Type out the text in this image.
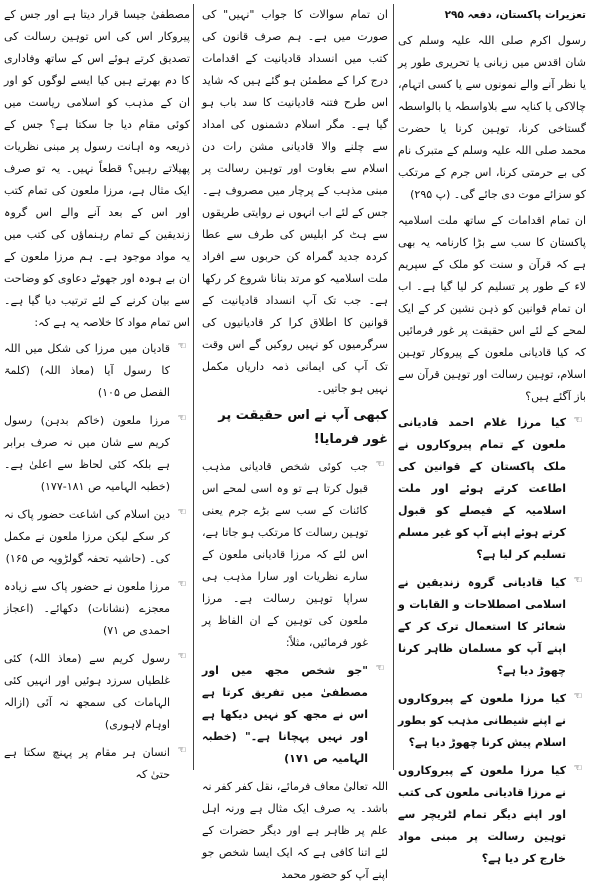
تعزیرات پاکستان، دفعہ ۲۹۵

رسول اکرم صلی اللہ علیہ وسلم کی شان اقدس میں زبانی یا تحریری طور پر یا نظر آنے والے نمونوں سے یا کسی اتہام، چالاکی یا کنایہ سے بلاواسطہ یا بالواسطہ گستاخی کرنا، توہین کرنا یا حضرت محمد صلی اللہ علیہ وسلم کے متبرک نام کی بے حرمتی کرنا، اس جرم کے مرتکب کو سزائے موت دی جائے گی۔ (پ ۲۹۵)

ان تمام اقدامات کے ساتھ ملت اسلامیہ پاکستان کا سب سے بڑا کارنامہ یہ بھی ہے کہ قرآن و سنت کو ملک کے سپریم لاء کے طور پر تسلیم کر لیا گیا ہے۔ اب ان تمام قوانین کو ذہن نشین کر کے ایک لمحے کے لئے اس حقیقت پر غور فرمائیں کہ کیا قادیانی ملعون کے پیروکار توہین اسلام، توہین رسالت اور توہین قرآن سے باز آگئے ہیں؟

☜
کیا مرزا غلام احمد قادیانی ملعون کے تمام پیروکاروں نے ملک پاکستان کے قوانین کی اطاعت کرتے ہوئے اور ملت اسلامیہ کے فیصلے کو قبول کرتے ہوئے اپنے آپ کو غیر مسلم تسلیم کر لیا ہے؟
☜
کیا قادیانی گروہ زندیقین نے اسلامی اصطلاحات و القابات و شعائر کا استعمال ترک کر کے اپنے آپ کو مسلمان ظاہر کرنا چھوڑ دیا ہے؟
☜
کیا مرزا ملعون کے پیروکاروں نے اپنے شیطانی مذہب کو بطور اسلام پیش کرنا چھوڑ دیا ہے؟
☜
کیا مرزا ملعون کے پیروکاروں نے مرزا قادیانی ملعون کی کتب اور اپنے دیگر تمام لٹریچر سے توہین رسالت پر مبنی مواد خارج کر دیا ہے؟

ان تمام سوالات کا جواب "نہیں" کی صورت میں ہے۔ ہم صرف قانون کی کتب میں انسداد قادیانیت کے اقدامات درج کرا کے مطمئن ہو گئے ہیں کہ شاید اس طرح فتنہ قادیانیت کا سد باب ہو گیا ہے۔ مگر اسلام دشمنوں کی امداد سے چلنے والا قادیانی مشن رات دن اسلام سے بغاوت اور توہین رسالت پر مبنی مذہب کے پرچار میں مصروف ہے۔ جس کے لئے اب انہوں نے روایتی طریقوں سے ہٹ کر ابلیس کی طرف سے عطا کردہ جدید گمراہ کن حربوں سے افراد ملت اسلامیہ کو مرتد بنانا شروع کر رکھا ہے۔ جب تک آپ انسداد قادیانیت کے قوانین کا اطلاق کرا کر قادیانیوں کی سرگرمیوں کو نہیں روکیں گے اس وقت تک آپ کی ایمانی ذمہ داریاں مکمل نہیں ہو جاتیں۔

کبھی آپ نے اس حقیقت پر غور فرمایا!
☜
جب کوئی شخص قادیانی مذہب قبول کرتا ہے تو وہ اسی لمحے اس کائنات کے سب سے بڑے جرم یعنی توہین رسالت کا مرتکب ہو جاتا ہے، اس لئے کہ مرزا قادیانی ملعون کے سارے نظریات اور سارا مذہب ہی سراپا توہین رسالت ہے۔ مرزا ملعون کی توہین کے ان الفاظ پر غور فرمائیں، مثلاً:
☜
"جو شخص مجھ میں اور مصطفیٰ میں تفریق کرتا ہے اس نے مجھ کو نہیں دیکھا ہے اور نہیں پہچانا ہے۔" (خطبہ الہامیہ ص ۱۷۱)

اللہ تعالیٰ معاف فرمائے، نقل کفر کفر نہ باشد۔ یہ صرف ایک مثال ہے ورنہ اہل علم پر ظاہر ہے اور دیگر حضرات کے لئے اتنا کافی ہے کہ ایک ایسا شخص جو اپنے آپ کو حضور محمد

مصطفیٰ جیسا قرار دیتا ہے اور جس کے پیروکار اس کی اس توہین رسالت کی تصدیق کرتے ہوئے اس کے ساتھ وفاداری کا دم بھرتے ہیں کیا ایسے لوگوں کو اور ان کے مذہب کو اسلامی ریاست میں کوئی مقام دیا جا سکتا ہے؟ جس کے ذریعہ وہ اہانت رسول پر مبنی نظریات پھیلاتے رہیں؟ قطعاً نہیں۔ یہ تو صرف ایک مثال ہے، مرزا ملعون کی تمام کتب اور اس کے بعد آنے والے اس گروہ زندیقین کے تمام رہنماؤں کی کتب میں یہ مواد موجود ہے۔ ہم مرزا ملعون کے ان بے ہودہ اور جھوٹے دعاوی کو وضاحت سے بیان کرنے کے لئے ترتیب دیا گیا ہے۔ اس تمام مواد کا خلاصہ یہ ہے کہ:

☜
قادیان میں مرزا کی شکل میں اللہ کا رسول آیا (معاذ اللہ) (کلمۃ الفصل ص ۱۰۵)
☜
مرزا ملعون (خاکم بدہن) رسول کریم سے شان میں نہ صرف برابر ہے بلکہ کئی لحاظ سے اعلیٰ ہے۔ (خطبہ الہامیہ ص ۱۸۱-۱۷۷)
☜
دین اسلام کی اشاعت حضور پاک نہ کر سکے لیکن مرزا ملعون نے مکمل کی۔ (حاشیہ تحفہ گولڑویہ ص ۱۶۵)
☜
مرزا ملعون نے حضور پاک سے زیادہ معجزے (نشانات) دکھائے۔ (اعجاز احمدی ص ۷۱)
☜
رسول کریم سے (معاذ اللہ) کئی غلطیاں سرزد ہوئیں اور انہیں کئی الہامات کی سمجھ نہ آئی (ازالہ اوہام لاہوری)
☜
انسان ہر مقام پر پہنچ سکتا ہے حتیٰ کہ
